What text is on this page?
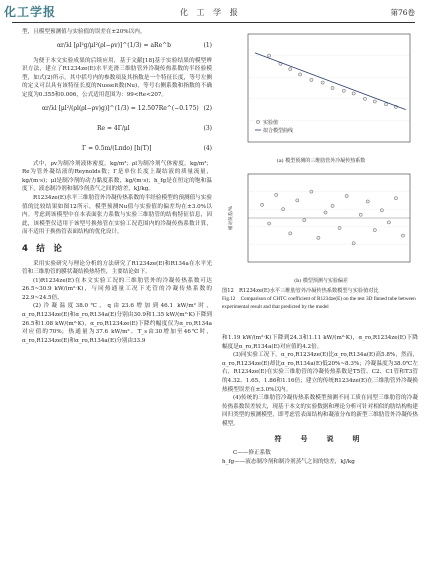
化工学报	化 工 学 报	第76卷

型，且模型预测值与实验值的误差在±20%以内。

αr/λl [ρl²g/μl²(ρl−ρv)]^(1/3) = aRe^b	(1)

为便于本文实验成果的后续应用，基于文献[18]基于实验结果的模型辨识方法，建立了R1234ze(E)水平光滑三维肋管外冷凝传热系数的半经验模型，如式(2)所示，其中括号内的参数项及其指数是一个特征长度，等号左侧的定义可以具有该特征长度的Nusselt数(Nu)，等号右侧系数和指数的不确定度为0.355和0.006，公式适用范围为：99<Re<207。

αr/λl [μl²/(ρl(ρl−ρv)g)]^(1/3) = 12.507Re^(−0.175) (2)
Re = 4Γ/μl	(3)
Γ = 0.5m/(Lπdo) [h(T)]	(4)

式中，ρv为制冷剂液体密度，kg/m³；ρl为制冷剂气体密度，kg/m³；Re为管外凝结液的Reynolds数；Γ是单位长度上凝结液的质量流量，kg/(m·s)；μl是制冷剂的动力黏度系数，kg/(m·s)；h_fg是在恒定的饱和温度下，液态制冷剂和制冷剂蒸气之间的焓差，kJ/kg。

R1234ze(E)水平三维肋管外冷凝传热系数的半经验模型的预测值与实验值的比较结果如图12所示，模型预测Nu值与实验值的偏差均在±3.0%以内。考虑到该模型中在本表面张力系数与实验三维肋管的结构特征信息，因此，该模型仅适用于该型号换热管在实验工况范围内的冷凝传热系数计算，而不适用于换热管表面结构的优化设计。

4　结　论

采用实验研究与理论分析的方法研究了R1234ze(E)和R134a在水平光管和三维肋管的膜状凝结换热特性，主要结论如下。

(1)R1234ze(E)在本文实验工况的三维肋管外的冷凝传热系数可达26.5~30.9 kW/(m²·K)，与同热通量工况下光管的冷凝传热系数的22.9~24.5倍。

(2)冷凝温度38.0℃，q由23.6增加到46.1 kW/m²时，α_ro,R1234ze(E)和α_ro,R134a(E)分别由30.9和1.35 kW/(m²·K)下降到26.5和1.08 kW/(m²·K)，α_ro,R1234ze(E)下降约幅度仅为α_ro,R134a对应值的70%；热通量为37.6 kW/m²、T_s由30增加至46℃时，α_ro,R1234ze(E)和α_ro,R134a(E)分别由33.9

实验值
拟合模型曲线
(a) 模型预测的三维肋管外冷凝传热系数
相对误差/%
(b) 模型预测与实验偏差
图12　R1234ze(E)水平三维肋管外冷凝传热系数模型与实验值对比
Fig.12　Comparison of CHTC coefficient of R1234ze(E) on the test 3D finned tube between experimental result and that predicted by the model

和1.19 kW/(m²·K)下降到24.3和1.11 kW/(m²·K)，α_ro,R1234ze(E)下降幅度是α_ro,R134a(E)对应值的4.2倍。

(3)同实验工况下，α_ro,R1234ze(E)比α_ro,R134a(E)高5.8%，然而，α_ro,R1234ze(E)却比α_ro,R134a(E)低20%~8.3%；冷凝温度为38.0℃左右，R1234ze(E)在实验三维肋管的冷凝传热系数是T5管、C2、C1管和T3管的4.32、1.65、1.86和1.16倍；建立的传统R1234ze(E)在三维肋管外冷凝换热模型误差在±3.0%以内。

(4)传统的三维肋管冷凝传热系数模型预测不同工质在同型三维肋管的冷凝传热系数误差较大，现基于本文的实验数据和理论分析可针对相似的肋结构构建回归类型的预测模型，即考虑管表面结构和凝液分布的新型三维肋管外冷凝传热模型。

符　号　说　明

C——修正系数

h_fg——液态制冷剂和制冷剂蒸气之间的焓差，kJ/kg
